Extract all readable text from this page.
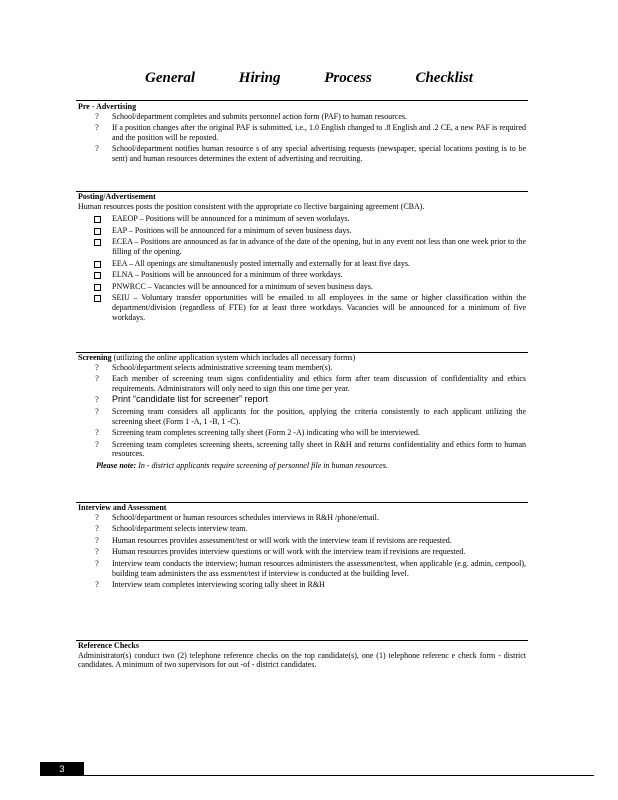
General Hiring Process Checklist

Pre - Advertising

?	School/department completes and submits personnel action form (PAF) to human resources.
?	If a position changes after the original PAF is submitted, i.e., 1.0 English changed to .8 English and .2 CE, a new PAF is required and the position will be reposted.
?	School/department notifies human resource s of any special advertising requests (newspaper, special locations posting is to be sent) and human resources determines the extent of advertising and recruiting.

Posting/Advertisement

Human resources posts the position consistent with the appropriate co llective bargaining agreement (CBA).

EAEOP – Positions will be announced for a minimum of seven workdays.
EAP – Positions will be announced for a minimum of seven business days.
ECEA – Positions are announced as far in advance of the date of the opening, but in any event not less than one week prior to the filling of the opening.
EEA – All openings are simultaneously posted internally and externally for at least five days.
ELNA – Positions will be announced for a minimum of three workdays.
PNWRCC – Vacancies will be announced for a minimum of seven business days.
SEIU – Voluntary transfer opportunities will be emailed to all employees in the same or higher classification within the department/division (regardless of FTE) for at least three workdays. Vacancies will be announced for a minimum of five workdays.

Screening (utilizing the online application system which includes all necessary forms)

?	School/department selects administrative screening team member(s).
?	Each member of screening team signs confidentiality and ethics form after team discussion of confidentiality and ethics requirements. Administrators will only need to sign this one time per year.
?	Print “candidate list for screener” report
?	Screening team considers all applicants for the position, applying the criteria consistently to each applicant utilizing the screening sheet (Form 1 -A, 1 -B, 1 -C).
?	Screening team completes screening tally sheet (Form 2 -A) indicating who will be interviewed.
?	Screening team completes screening sheets, screening tally sheet in R&H and returns confidentiality and ethics form to human resources.

Please note: In - district applicants require screening of personnel file in human resources.

Interview and Assessment

?	School/department or human resources schedules interviews in R&H /phone/email.
?	School/department selects interview team.
?	Human resources provides assessment/test or will work with the interview team if revisions are requested.
?	Human resources provides interview questions or will work with the interview team if revisions are requested.
?	Interview team conducts the interview; human resources administers the assessment/test, when applicable (e.g. admin, certpool), building team administers the ass essment/test if interview is conducted at the building level.
?	Interview team completes interviewing scoring tally sheet in R&H

Reference Checks

Administrator(s) conduct two (2) telephone reference checks on the top candidate(s), one (1) telephone referenc e check form - district candidates. A minimum of two supervisors for out -of - district candidates.

3
